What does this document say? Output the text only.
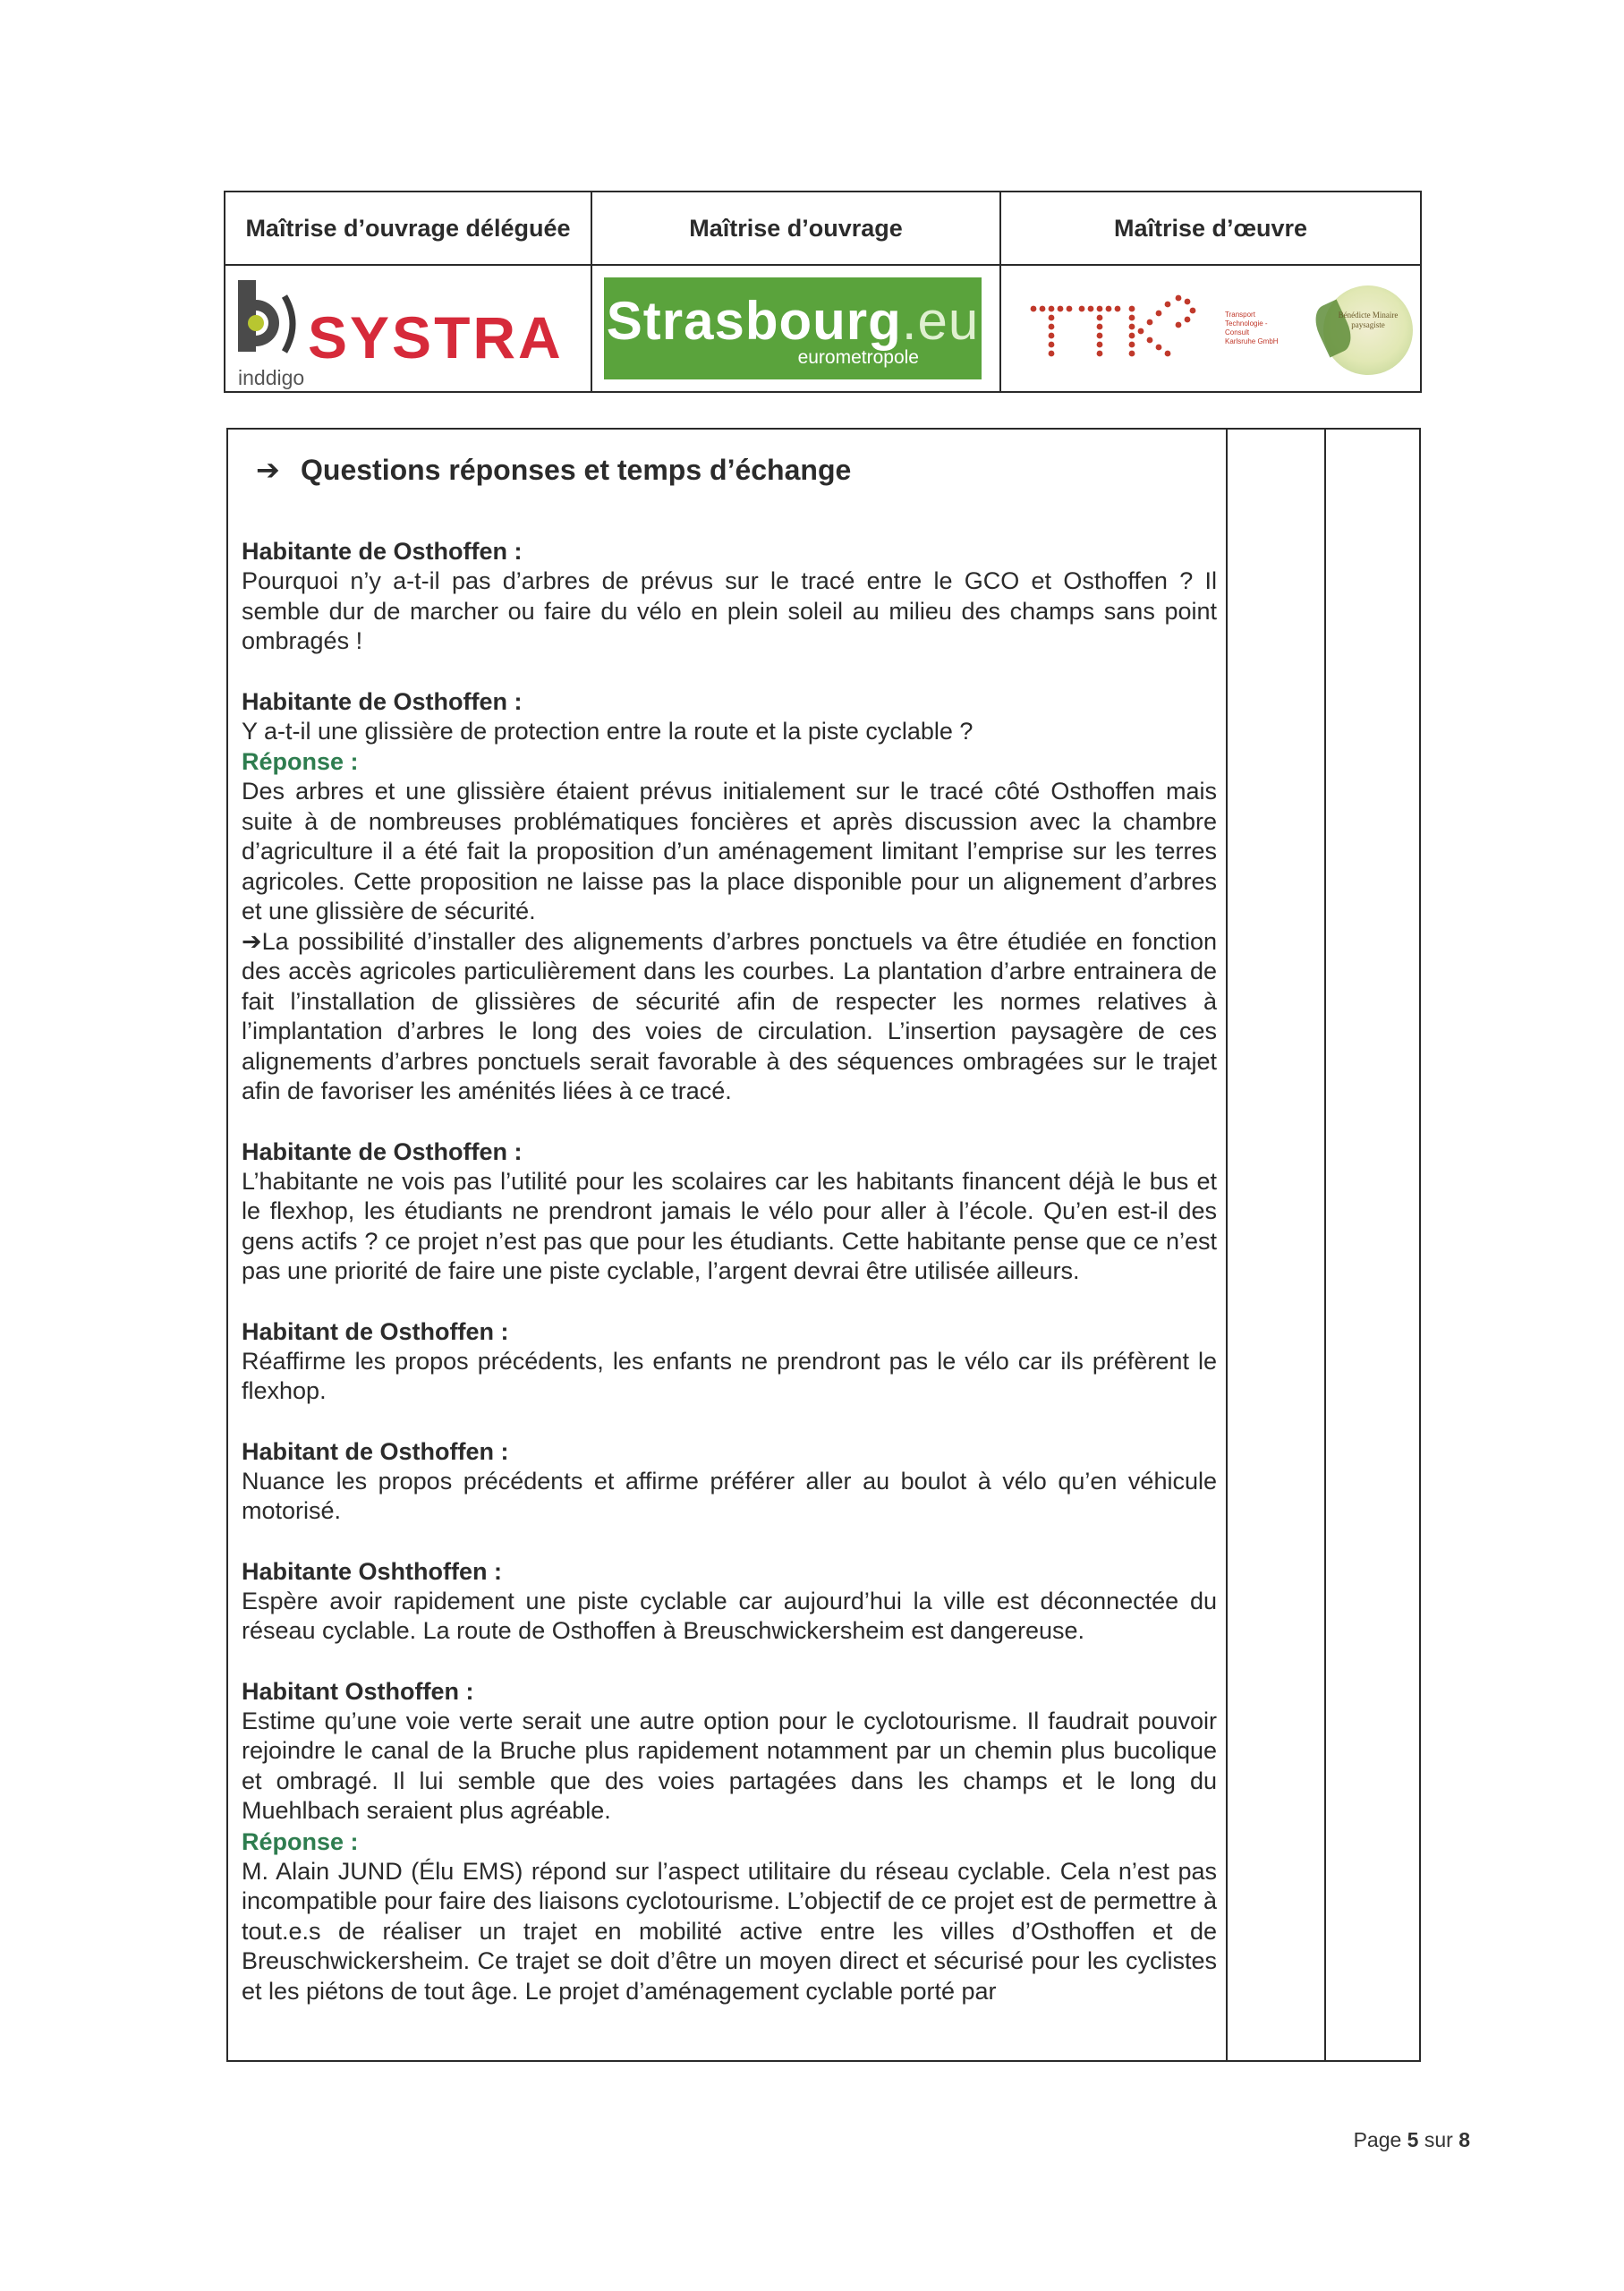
Maîtrise d’ouvrage déléguée
SYSTRA
inddigo
Maîtrise d’ouvrage
Strasbourg.eu
eurometropole
Maîtrise d’œuvre
Transport
Technologie -
Consult
Karlsruhe GmbH
Bénédicte Minaire paysagiste
➔ Questions réponses et temps d’échange
Habitante de Osthoffen :

Pourquoi n’y a-t-il pas d’arbres de prévus sur le tracé entre le GCO et Osthoffen ? Il semble dur de marcher ou faire du vélo en plein soleil au milieu des champs sans point ombragés !

Habitante de Osthoffen :

Y a-t-il une glissière de protection entre la route et la piste cyclable ?

Réponse :

Des arbres et une glissière étaient prévus initialement sur le tracé côté Osthoffen mais suite à de nombreuses problématiques foncières et après discussion avec la chambre d’agriculture il a été fait la proposition d’un aménagement limitant l’emprise sur les terres agricoles. Cette proposition ne laisse pas la place disponible pour un alignement d’arbres et une glissière de sécurité.

➔La possibilité d’installer des alignements d’arbres ponctuels va être étudiée en fonction des accès agricoles particulièrement dans les courbes. La plantation d’arbre entrainera de fait l’installation de glissières de sécurité afin de respecter les normes relatives à l’implantation d’arbres le long des voies de circulation. L’insertion paysagère de ces alignements d’arbres ponctuels serait favorable à des séquences ombragées sur le trajet afin de favoriser les aménités liées à ce tracé.

Habitante de Osthoffen :

L’habitante ne vois pas l’utilité pour les scolaires car les habitants financent déjà le bus et le flexhop, les étudiants ne prendront jamais le vélo pour aller à l’école. Qu’en est-il des gens actifs ? ce projet n’est pas que pour les étudiants. Cette habitante pense que ce n’est pas une priorité de faire une piste cyclable, l’argent devrai être utilisée ailleurs.

Habitant de Osthoffen :

Réaffirme les propos précédents, les enfants ne prendront pas le vélo car ils préfèrent le flexhop.

Habitant de Osthoffen :

Nuance les propos précédents et affirme préférer aller au boulot à vélo qu’en véhicule motorisé.

Habitante Oshthoffen :

Espère avoir rapidement une piste cyclable car aujourd’hui la ville est déconnectée du réseau cyclable. La route de Osthoffen à Breuschwickersheim est dangereuse.

Habitant Osthoffen :

Estime qu’une voie verte serait une autre option pour le cyclotourisme. Il faudrait pouvoir rejoindre le canal de la Bruche plus rapidement notamment par un chemin plus bucolique et ombragé. Il lui semble que des voies partagées dans les champs et le long du Muehlbach seraient plus agréable.

Réponse :

M. Alain JUND (Élu EMS) répond sur l’aspect utilitaire du réseau cyclable. Cela n’est pas incompatible pour faire des liaisons cyclotourisme. L’objectif de ce projet est de permettre à tout.e.s de réaliser un trajet en mobilité active entre les villes d’Osthoffen et de Breuschwickersheim. Ce trajet se doit d’être un moyen direct et sécurisé pour les cyclistes et les piétons de tout âge. Le projet d’aménagement cyclable porté par

Page 5 sur 8
